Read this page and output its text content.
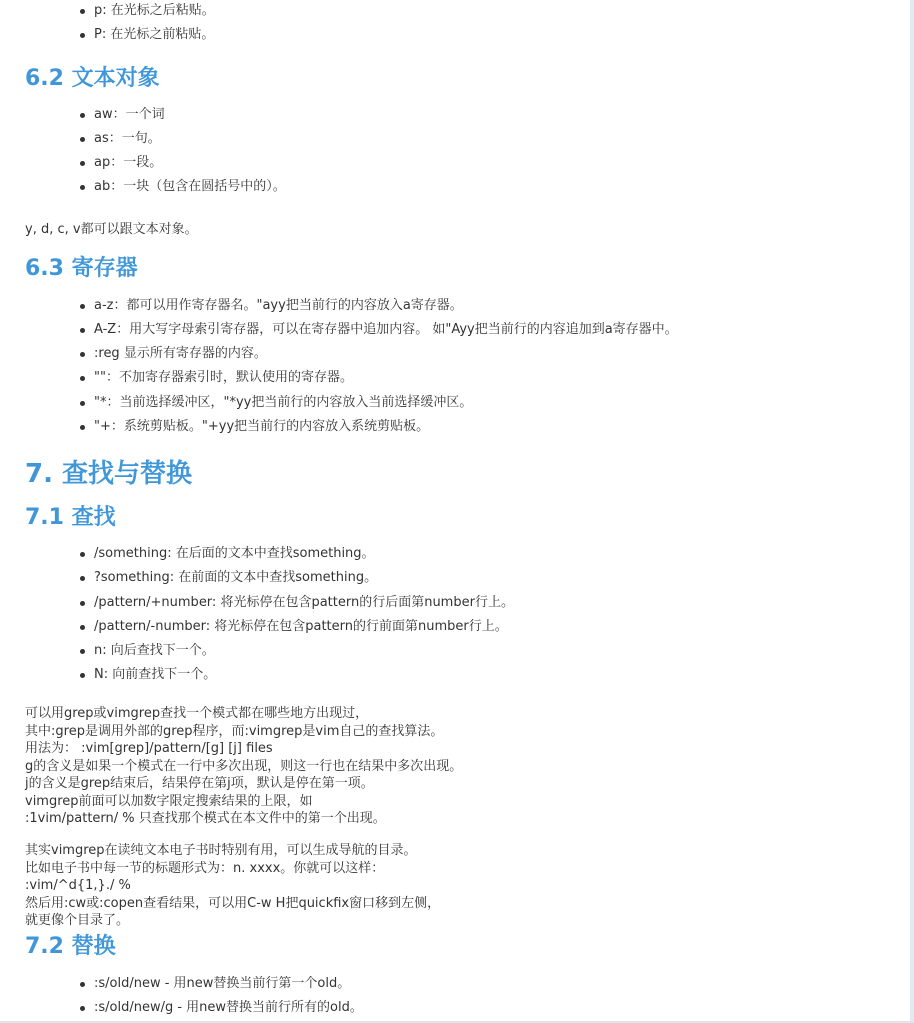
p: 在光标之后粘贴。
P: 在光标之前粘贴。
6.2 文本对象
aw：一个词
as：一句。
ap：一段。
ab：一块（包含在圆括号中的）。

y, d, c, v都可以跟文本对象。

6.3 寄存器
a-z：都可以用作寄存器名。"ayy把当前行的内容放入a寄存器。
A-Z：用大写字母索引寄存器，可以在寄存器中追加内容。 如"Ayy把当前行的内容追加到a寄存器中。
:reg 显示所有寄存器的内容。
""：不加寄存器索引时，默认使用的寄存器。
"*：当前选择缓冲区，"*yy把当前行的内容放入当前选择缓冲区。
"+：系统剪贴板。"+yy把当前行的内容放入系统剪贴板。
7. 查找与替换
7.1 查找
/something: 在后面的文本中查找something。
?something: 在前面的文本中查找something。
/pattern/+number: 将光标停在包含pattern的行后面第number行上。
/pattern/-number: 将光标停在包含pattern的行前面第number行上。
n: 向后查找下一个。
N: 向前查找下一个。
可以用grep或vimgrep查找一个模式都在哪些地方出现过，
其中:grep是调用外部的grep程序，而:vimgrep是vim自己的查找算法。
用法为： :vim[grep]/pattern/[g] [j] files
g的含义是如果一个模式在一行中多次出现，则这一行也在结果中多次出现。
j的含义是grep结束后，结果停在第j项，默认是停在第一项。
vimgrep前面可以加数字限定搜索结果的上限，如
:1vim/pattern/ % 只查找那个模式在本文件中的第一个出现。
其实vimgrep在读纯文本电子书时特别有用，可以生成导航的目录。
比如电子书中每一节的标题形式为：n. xxxx。你就可以这样：
:vim/^d{1,}./ %
然后用:cw或:copen查看结果，可以用C-w H把quickfix窗口移到左侧，
就更像个目录了。
7.2 替换
:s/old/new - 用new替换当前行第一个old。
:s/old/new/g - 用new替换当前行所有的old。
